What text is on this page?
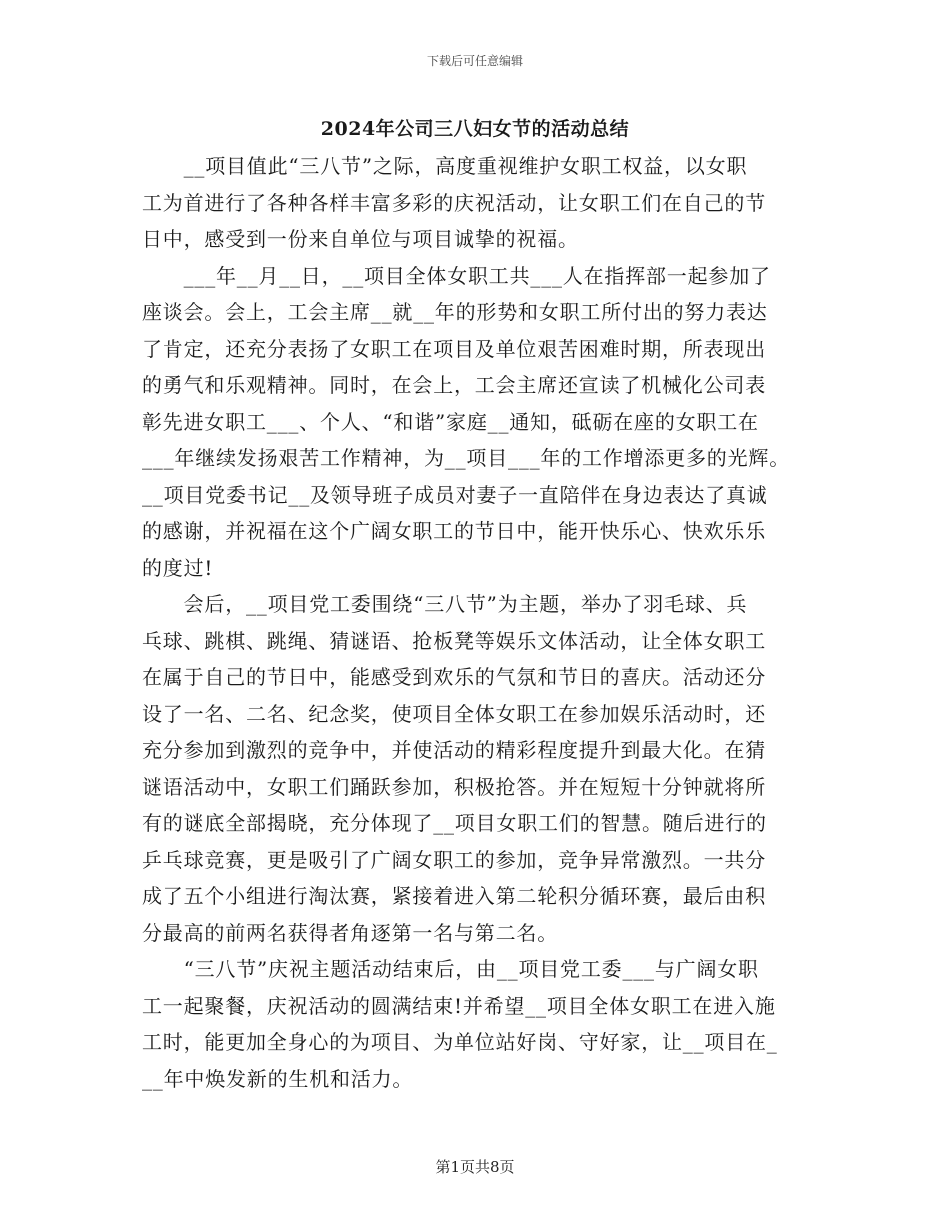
下载后可任意编辑
2024年公司三八妇女节的活动总结
　　__项目值此“三八节”之际，高度重视维护女职工权益，以女职
工为首进行了各种各样丰富多彩的庆祝活动，让女职工们在自己的节
日中，感受到一份来自单位与项目诚挚的祝福。
　　___年__月__日，__项目全体女职工共___人在指挥部一起参加了
座谈会。会上，工会主席__就__年的形势和女职工所付出的努力表达
了肯定，还充分表扬了女职工在项目及单位艰苦困难时期，所表现出
的勇气和乐观精神。同时，在会上，工会主席还宣读了机械化公司表
彰先进女职工___、个人、“和谐”家庭__通知，砥砺在座的女职工在
___年继续发扬艰苦工作精神，为__项目___年的工作增添更多的光辉。
__项目党委书记__及领导班子成员对妻子一直陪伴在身边表达了真诚
的感谢，并祝福在这个广阔女职工的节日中，能开快乐心、快欢乐乐
的度过!
　　会后，__项目党工委围绕“三八节”为主题，举办了羽毛球、兵
乓球、跳棋、跳绳、猜谜语、抢板凳等娱乐文体活动，让全体女职工
在属于自己的节日中，能感受到欢乐的气氛和节日的喜庆。活动还分
设了一名、二名、纪念奖，使项目全体女职工在参加娱乐活动时，还
充分参加到激烈的竞争中，并使活动的精彩程度提升到最大化。在猜
谜语活动中，女职工们踊跃参加，积极抢答。并在短短十分钟就将所
有的谜底全部揭晓，充分体现了__项目女职工们的智慧。随后进行的
乒乓球竞赛，更是吸引了广阔女职工的参加，竞争异常激烈。一共分
成了五个小组进行淘汰赛，紧接着进入第二轮积分循环赛，最后由积
分最高的前两名获得者角逐第一名与第二名。
　　“三八节”庆祝主题活动结束后，由__项目党工委___与广阔女职
工一起聚餐，庆祝活动的圆满结束!并希望__项目全体女职工在进入施
工时，能更加全身心的为项目、为单位站好岗、守好家，让__项目在_
__年中焕发新的生机和活力。
第1页共8页
